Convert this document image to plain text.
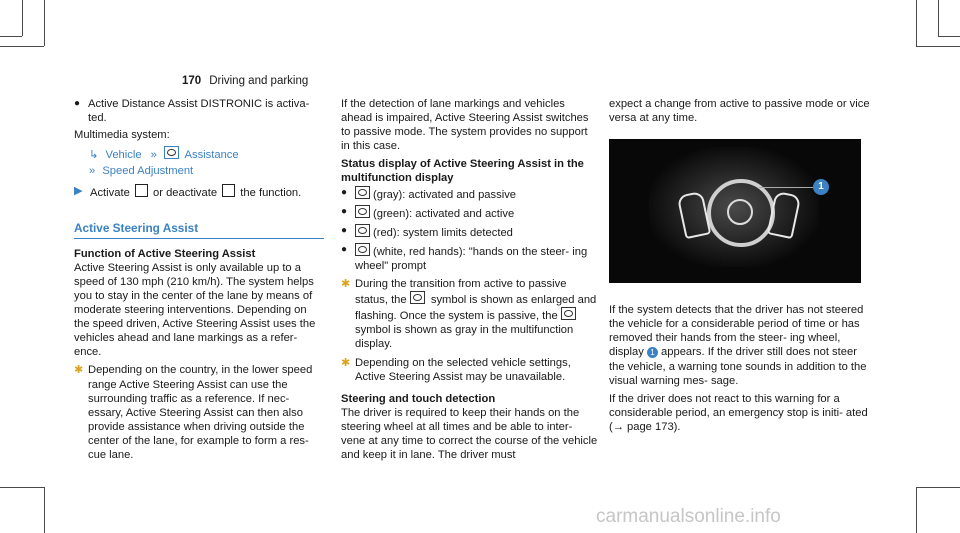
170 Driving and parking
● Active Distance Assist DISTRONIC is activa- ted.

Multimedia system:

↳ Vehicle » Assistance
» Speed Adjustment
▶ Activate or deactivate the function.
Active Steering Assist
Function of Active Steering Assist

Active Steering Assist is only available up to a speed of 130 mph (210 km/h). The system helps you to stay in the center of the lane by means of moderate steering interventions. Depending on the speed driven, Active Steering Assist uses the vehicles ahead and lane markings as a refer- ence.

✱ Depending on the country, in the lower speed range Active Steering Assist can use the surrounding traffic as a reference. If nec- essary, Active Steering Assist can then also provide assistance when driving outside the center of the lane, for example to form a res- cue lane.

If the detection of lane markings and vehicles ahead is impaired, Active Steering Assist switches to passive mode. The system provides no support in this case.

Status display of Active Steering Assist in the multifunction display
●	(gray): activated and passive
●	(green): activated and active
●	(red): system limits detected
●	(white, red hands): "hands on the steer- ing wheel" prompt
✱ During the transition from active to passive status, the symbol is shown as enlarged and flashing. Once the system is passive, the  symbol is shown as gray in the multifunction display.
✱ Depending on the selected vehicle settings, Active Steering Assist may be unavailable.
Steering and touch detection

The driver is required to keep their hands on the steering wheel at all times and be able to inter- vene at any time to correct the course of the vehicle and keep it in lane. The driver must

expect a change from active to passive mode or vice versa at any time.

1

If the system detects that the driver has not steered the vehicle for a considerable period of time or has removed their hands from the steer- ing wheel, display 1 appears. If the driver still does not steer the vehicle, a warning tone sounds in addition to the visual warning mes- sage.

If the driver does not react to this warning for a considerable period, an emergency stop is initi- ated (→ page 173).

carmanualsonline.info
